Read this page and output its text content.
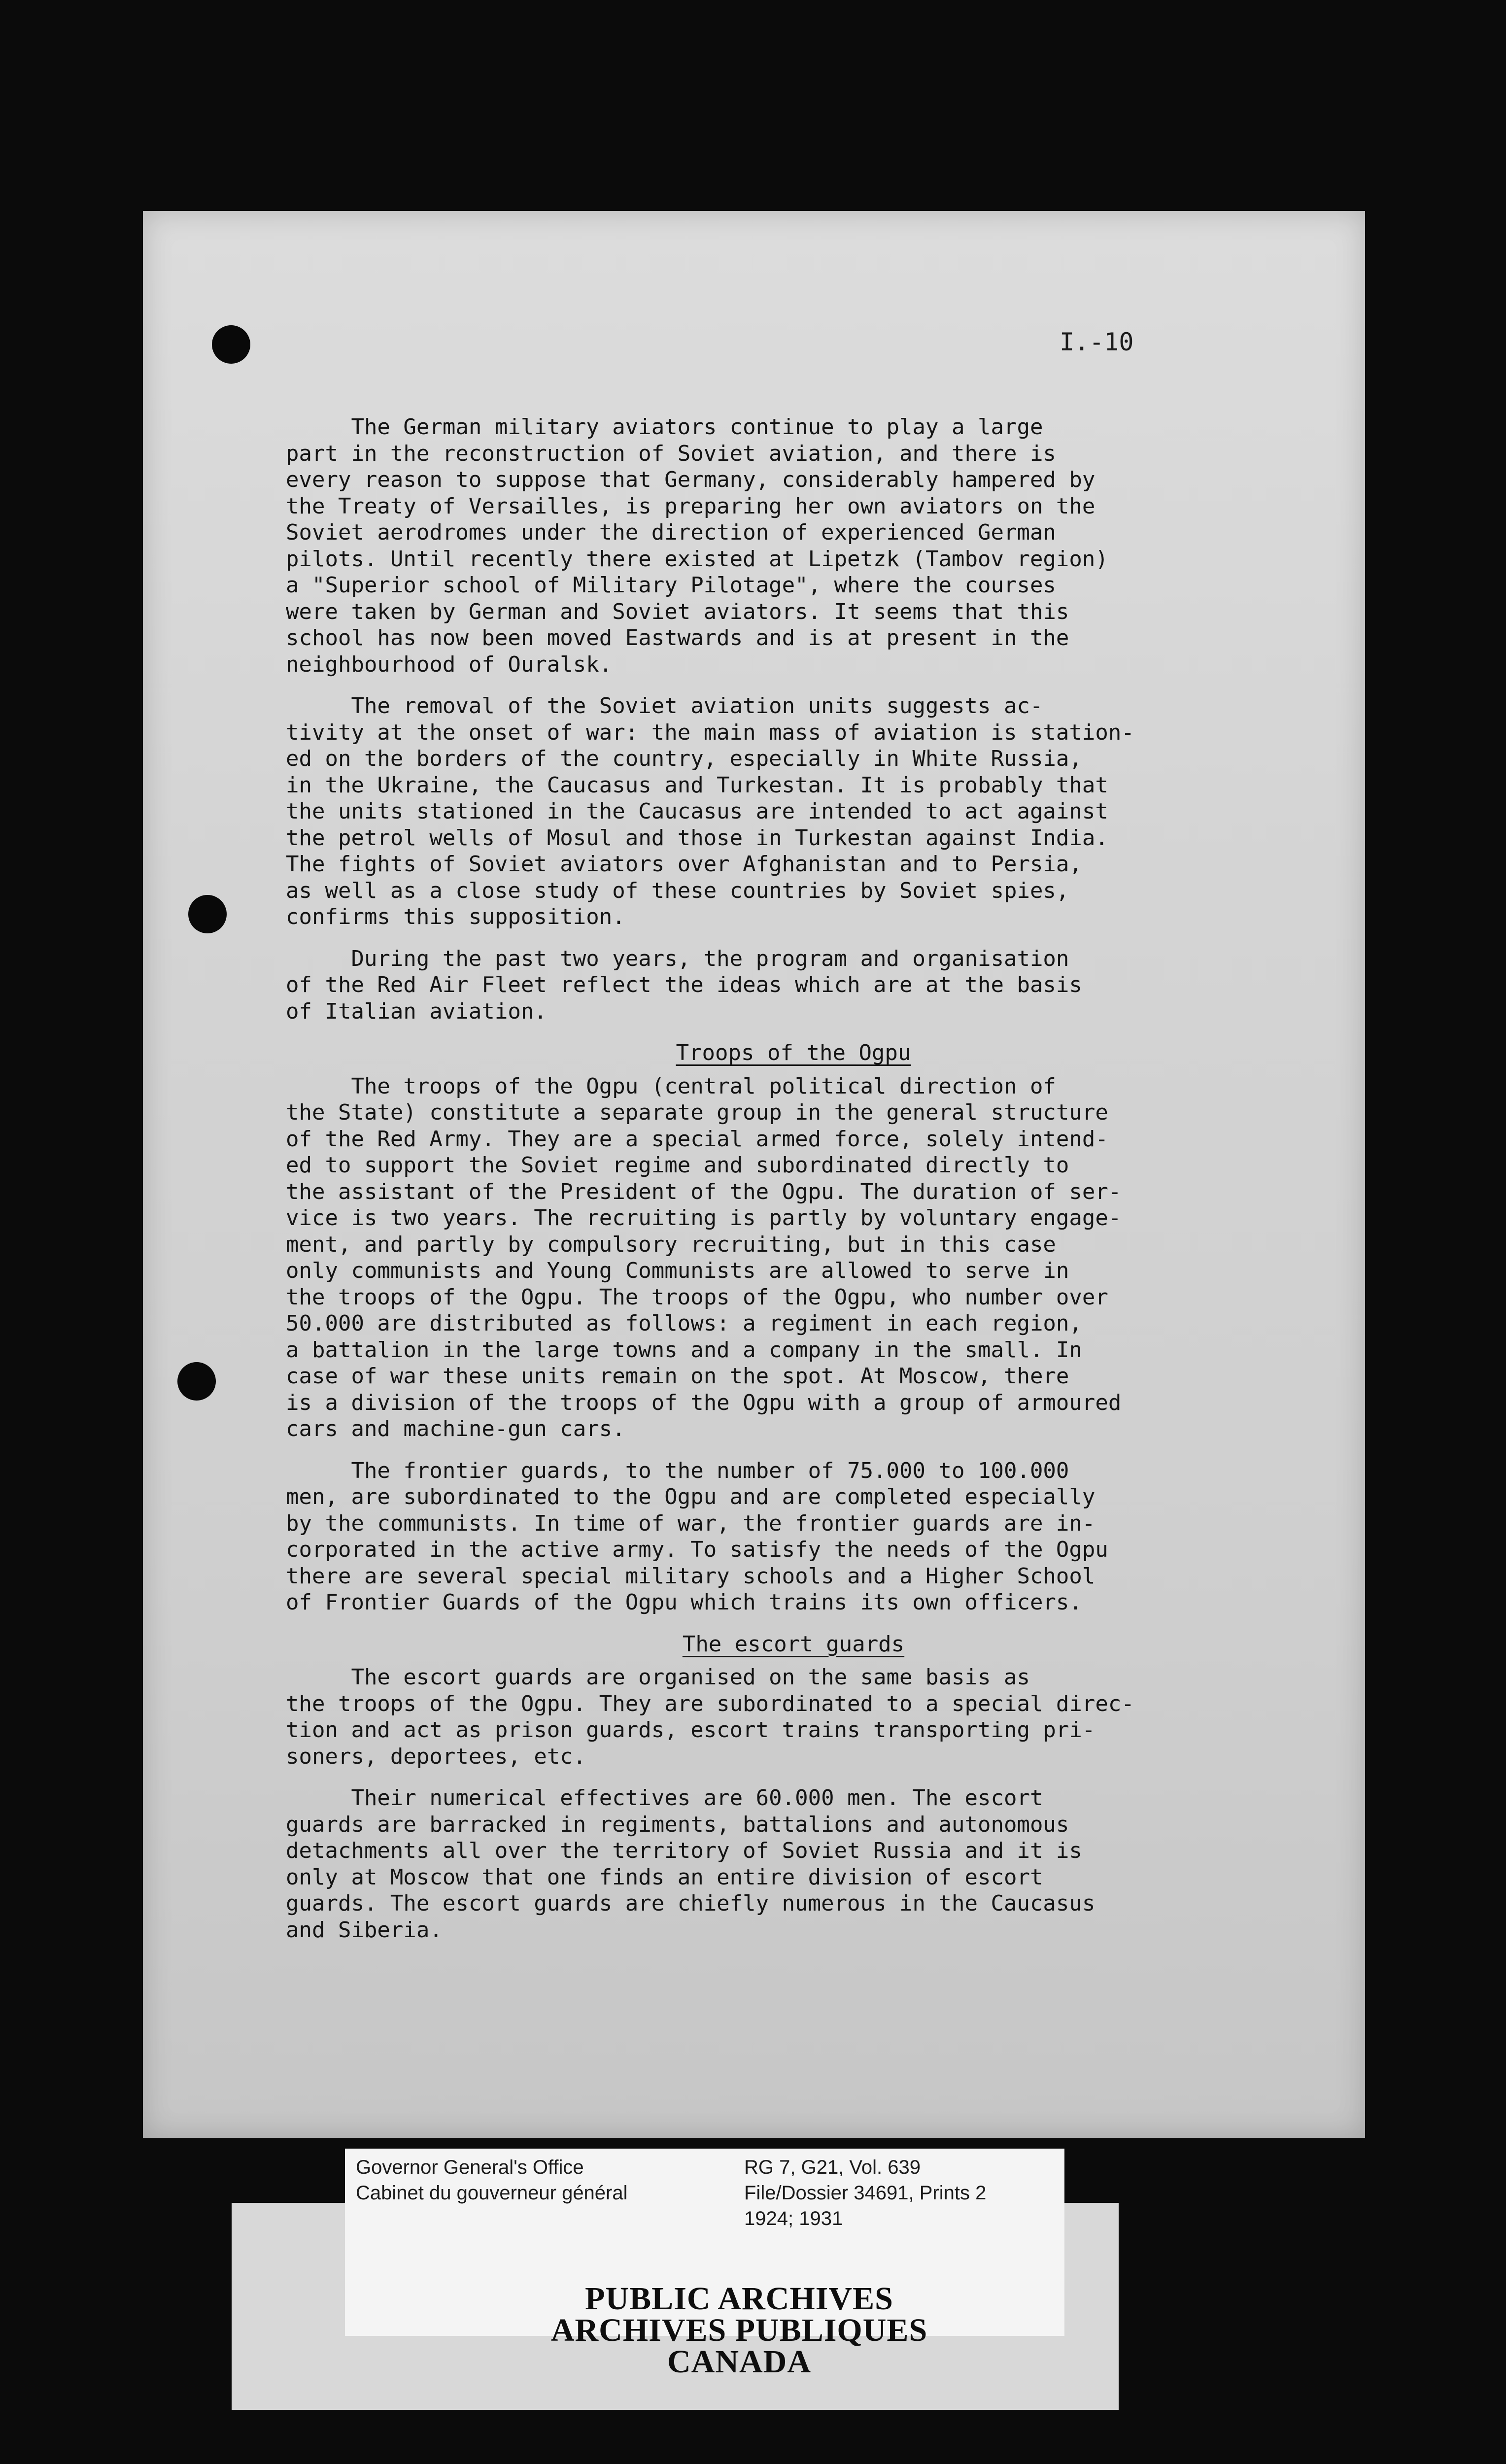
I.-10
The German military aviators continue to play a large
part in the reconstruction of Soviet aviation, and there is
every reason to suppose that Germany, considerably hampered by
the Treaty of Versailles, is preparing her own aviators on the
Soviet aerodromes under the direction of experienced German
pilots. Until recently there existed at Lipetzk (Tambov region)
a "Superior school of Military Pilotage", where the courses
were taken by German and Soviet aviators. It seems that this
school has now been moved Eastwards and is at present in the
neighbourhood of Ouralsk.
The removal of the Soviet aviation units suggests ac-
tivity at the onset of war: the main mass of aviation is station-
ed on the borders of the country, especially in White Russia,
in the Ukraine, the Caucasus and Turkestan. It is probably that
the units stationed in the Caucasus are intended to act against
the petrol wells of Mosul and those in Turkestan against India.
The fights of Soviet aviators over Afghanistan and to Persia,
as well as a close study of these countries by Soviet spies,
confirms this supposition.
During the past two years, the program and organisation
of the Red Air Fleet reflect the ideas which are at the basis
of Italian aviation.
Troops of the Ogpu
The troops of the Ogpu (central political direction of
the State) constitute a separate group in the general structure
of the Red Army. They are a special armed force, solely intend-
ed to support the Soviet regime and subordinated directly to
the assistant of the President of the Ogpu. The duration of ser-
vice is two years. The recruiting is partly by voluntary engage-
ment, and partly by compulsory recruiting, but in this case
only communists and Young Communists are allowed to serve in
the troops of the Ogpu. The troops of the Ogpu, who number over
50.000 are distributed as follows: a regiment in each region,
a battalion in the large towns and a company in the small. In
case of war these units remain on the spot. At Moscow, there
is a division of the troops of the Ogpu with a group of armoured
cars and machine-gun cars.
The frontier guards, to the number of 75.000 to 100.000
men, are subordinated to the Ogpu and are completed especially
by the communists. In time of war, the frontier guards are in-
corporated in the active army. To satisfy the needs of the Ogpu
there are several special military schools and a Higher School
of Frontier Guards of the Ogpu which trains its own officers.
The escort guards
The escort guards are organised on the same basis as
the troops of the Ogpu. They are subordinated to a special direc-
tion and act as prison guards, escort trains transporting pri-
soners, deportees, etc.
Their numerical effectives are 60.000 men. The escort
guards are barracked in regiments, battalions and autonomous
detachments all over the territory of Soviet Russia and it is
only at Moscow that one finds an entire division of escort
guards. The escort guards are chiefly numerous in the Caucasus
and Siberia.
Governor General's Office
Cabinet du gouverneur général
RG 7, G21, Vol. 639
File/Dossier 34691, Prints 2
1924; 1931
PUBLIC ARCHIVES
ARCHIVES PUBLIQUES
CANADA
